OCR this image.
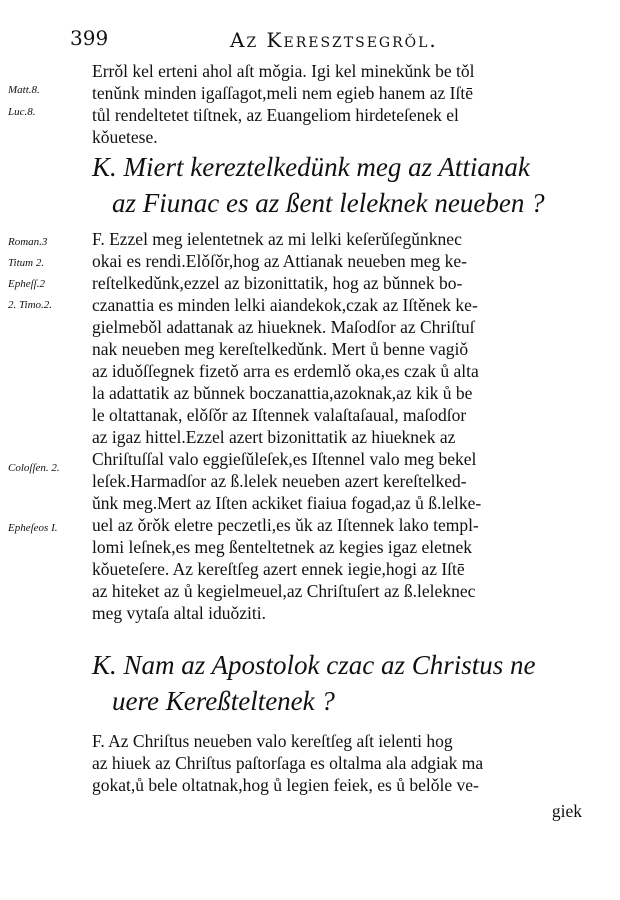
399	Az Kereſztſegrǒl.
Matt.8.
Luc.8.
Roman.3
Titum 2.
Epheſſ.2
2. Timo.2.
Coloſſen. 2.
Epheſeos I.
Errǒl kel erteni ahol aſt mǒgia. Igi kel minekǔnk be tǒl
tenǔnk minden igaſſagot,meli nem egieb hanem az Iſtē
tůl rendeltetet tiſtnek, az Euangeliom hirdeteſenek el
kǒuetese.
K. Miert kereztelkedünk meg az Attianak
az Fiunac es az ßent leleknek neueben ?
F. Ezzel meg ielentetnek az mi lelki keſerǔſegǔnknec
okai es rendi.Elǒſǒr,hog az Attianak neueben meg ke-
reſtelkedǔnk,ezzel az bizonittatik, hog az bǔnnek bo-
czanattia es minden lelki aiandekok,czak az Iſtěnek ke-
gielmebǒl adattanak az hiueknek. Maſodſor az Chriſtuſ
nak neueben meg kereſtelkedǔnk. Mert ů benne vagiǒ
az iduǒſſegnek fizetǒ arra es erdemlǒ oka,es czak ů alta
la adattatik az bǔnnek boczanattia,azoknak,az kik ů be
le oltattanak, elǒſǒr az Iſtennek valaſtaſaual, maſodſor
az igaz hittel.Ezzel azert bizonittatik az hiueknek az
Chriſtuſſal valo eggieſǔleſek,es Iſtennel valo meg bekel
leſek.Harmadſor az ß.lelek neueben azert kereſtelked-
ǔnk meg.Mert az Iſten ackiket fiaiua fogad,az ů ß.lelke-
uel az ǒrǒk eletre peczetli,es ǔk az Iſtennek lako templ-
lomi leſnek,es meg ßenteltetnek az kegies igaz eletnek
kǒueteſere. Az kereſtſeg azert ennek iegie,hogi az Iſtē
az hiteket az ů kegielmeuel,az Chriſtuſert az ß.leleknec
meg vytaſa altal iduǒziti.
K. Nam az Apostolok czac az Christus ne
uere Kereßteltenek ?
F. Az Chriſtus neueben valo kereſtſeg aſt ielenti hog
az hiuek az Chriſtus paſtorſaga es oltalma ala adgiak ma
gokat,ů bele oltatnak,hog ů legien feiek, es ů belǒle ve-
giek
